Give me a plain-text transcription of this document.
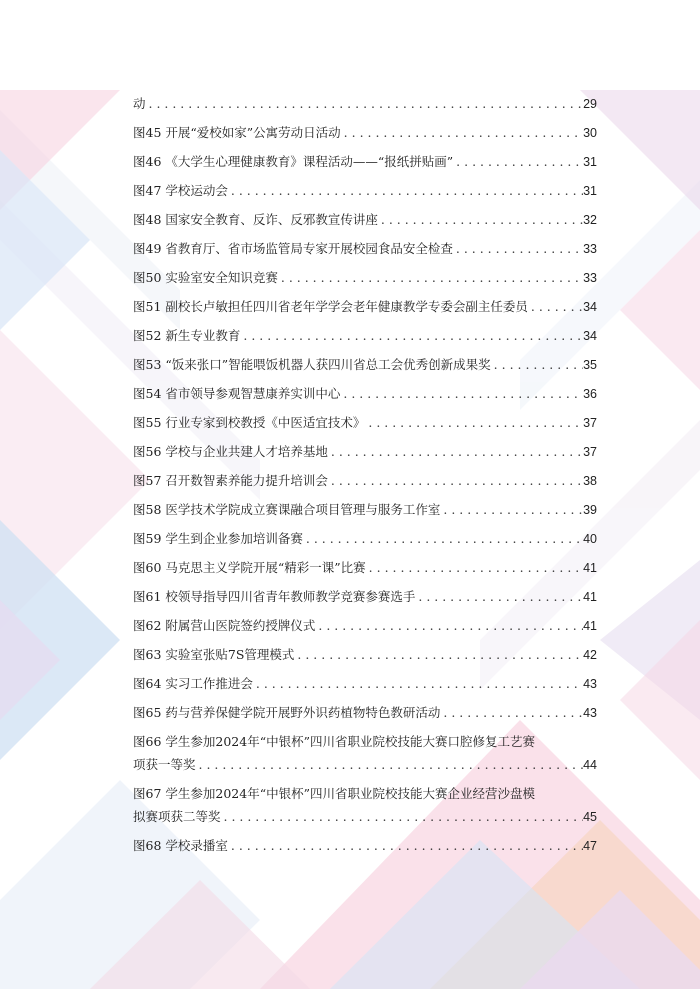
动 . . .	29
图45 开展“爱校如家”公寓劳动日活动 . . .	30
图46 《大学生心理健康教育》课程活动——“报纸拼贴画” . . .	31
图47 学校运动会 . . .	31
图48 国家安全教育、反诈、反邪教宣传讲座 . . .	32
图49 省教育厅、省市场监管局专家开展校园食品安全检查 . . .	33
图50 实验室安全知识竞赛 . . .	33
图51 副校长卢敏担任四川省老年学学会老年健康教学专委会副主任委员 . . .	34
图52 新生专业教育 . . .	34
图53 “饭来张口”智能喂饭机器人获四川省总工会优秀创新成果奖 . . .	35
图54 省市领导参观智慧康养实训中心 . . .	36
图55 行业专家到校教授《中医适宜技术》 . . .	37
图56 学校与企业共建人才培养基地 . . .	37
图57 召开数智素养能力提升培训会 . . .	38
图58 医学技术学院成立赛课融合项目管理与服务工作室 . . .	39
图59 学生到企业参加培训备赛 . . .	40
图60 马克思主义学院开展“精彩一课”比赛 . . .	41
图61 校领导指导四川省青年教师教学竞赛参赛选手 . . .	41
图62 附属营山医院签约授牌仪式 . . .	41
图63 实验室张贴7S管理模式 . . .	42
图64 实习工作推进会 . . .	43
图65 药与营养保健学院开展野外识药植物特色教研活动 . . .	43
图66 学生参加2024年“中银杯”四川省职业院校技能大赛口腔修复工艺赛
项获一等奖 . . .	44
图67 学生参加2024年“中银杯”四川省职业院校技能大赛企业经营沙盘模
拟赛项获二等奖 . . .	45
图68 学校录播室 . . .	47
